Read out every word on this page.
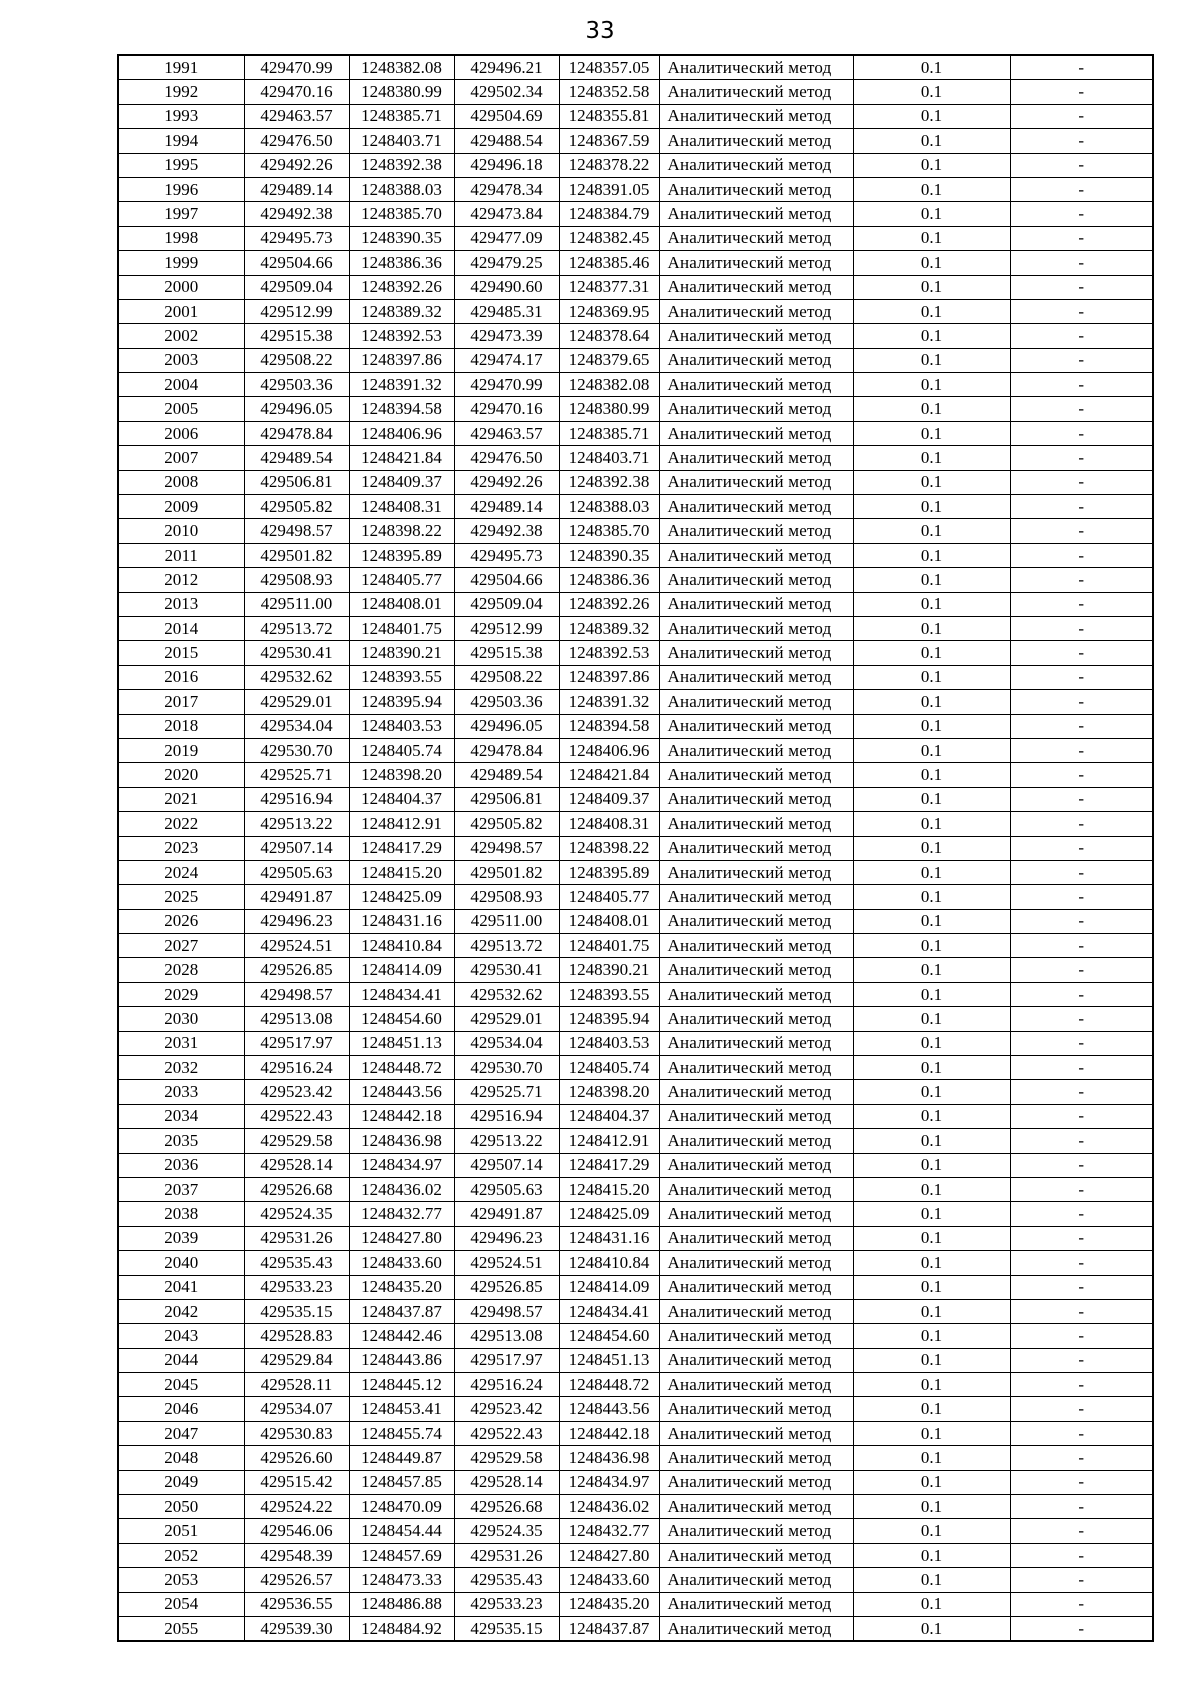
33
1991	429470.99	1248382.08	429496.21	1248357.05	Аналитический метод	0.1	-
1992	429470.16	1248380.99	429502.34	1248352.58	Аналитический метод	0.1	-
1993	429463.57	1248385.71	429504.69	1248355.81	Аналитический метод	0.1	-
1994	429476.50	1248403.71	429488.54	1248367.59	Аналитический метод	0.1	-
1995	429492.26	1248392.38	429496.18	1248378.22	Аналитический метод	0.1	-
1996	429489.14	1248388.03	429478.34	1248391.05	Аналитический метод	0.1	-
1997	429492.38	1248385.70	429473.84	1248384.79	Аналитический метод	0.1	-
1998	429495.73	1248390.35	429477.09	1248382.45	Аналитический метод	0.1	-
1999	429504.66	1248386.36	429479.25	1248385.46	Аналитический метод	0.1	-
2000	429509.04	1248392.26	429490.60	1248377.31	Аналитический метод	0.1	-
2001	429512.99	1248389.32	429485.31	1248369.95	Аналитический метод	0.1	-
2002	429515.38	1248392.53	429473.39	1248378.64	Аналитический метод	0.1	-
2003	429508.22	1248397.86	429474.17	1248379.65	Аналитический метод	0.1	-
2004	429503.36	1248391.32	429470.99	1248382.08	Аналитический метод	0.1	-
2005	429496.05	1248394.58	429470.16	1248380.99	Аналитический метод	0.1	-
2006	429478.84	1248406.96	429463.57	1248385.71	Аналитический метод	0.1	-
2007	429489.54	1248421.84	429476.50	1248403.71	Аналитический метод	0.1	-
2008	429506.81	1248409.37	429492.26	1248392.38	Аналитический метод	0.1	-
2009	429505.82	1248408.31	429489.14	1248388.03	Аналитический метод	0.1	-
2010	429498.57	1248398.22	429492.38	1248385.70	Аналитический метод	0.1	-
2011	429501.82	1248395.89	429495.73	1248390.35	Аналитический метод	0.1	-
2012	429508.93	1248405.77	429504.66	1248386.36	Аналитический метод	0.1	-
2013	429511.00	1248408.01	429509.04	1248392.26	Аналитический метод	0.1	-
2014	429513.72	1248401.75	429512.99	1248389.32	Аналитический метод	0.1	-
2015	429530.41	1248390.21	429515.38	1248392.53	Аналитический метод	0.1	-
2016	429532.62	1248393.55	429508.22	1248397.86	Аналитический метод	0.1	-
2017	429529.01	1248395.94	429503.36	1248391.32	Аналитический метод	0.1	-
2018	429534.04	1248403.53	429496.05	1248394.58	Аналитический метод	0.1	-
2019	429530.70	1248405.74	429478.84	1248406.96	Аналитический метод	0.1	-
2020	429525.71	1248398.20	429489.54	1248421.84	Аналитический метод	0.1	-
2021	429516.94	1248404.37	429506.81	1248409.37	Аналитический метод	0.1	-
2022	429513.22	1248412.91	429505.82	1248408.31	Аналитический метод	0.1	-
2023	429507.14	1248417.29	429498.57	1248398.22	Аналитический метод	0.1	-
2024	429505.63	1248415.20	429501.82	1248395.89	Аналитический метод	0.1	-
2025	429491.87	1248425.09	429508.93	1248405.77	Аналитический метод	0.1	-
2026	429496.23	1248431.16	429511.00	1248408.01	Аналитический метод	0.1	-
2027	429524.51	1248410.84	429513.72	1248401.75	Аналитический метод	0.1	-
2028	429526.85	1248414.09	429530.41	1248390.21	Аналитический метод	0.1	-
2029	429498.57	1248434.41	429532.62	1248393.55	Аналитический метод	0.1	-
2030	429513.08	1248454.60	429529.01	1248395.94	Аналитический метод	0.1	-
2031	429517.97	1248451.13	429534.04	1248403.53	Аналитический метод	0.1	-
2032	429516.24	1248448.72	429530.70	1248405.74	Аналитический метод	0.1	-
2033	429523.42	1248443.56	429525.71	1248398.20	Аналитический метод	0.1	-
2034	429522.43	1248442.18	429516.94	1248404.37	Аналитический метод	0.1	-
2035	429529.58	1248436.98	429513.22	1248412.91	Аналитический метод	0.1	-
2036	429528.14	1248434.97	429507.14	1248417.29	Аналитический метод	0.1	-
2037	429526.68	1248436.02	429505.63	1248415.20	Аналитический метод	0.1	-
2038	429524.35	1248432.77	429491.87	1248425.09	Аналитический метод	0.1	-
2039	429531.26	1248427.80	429496.23	1248431.16	Аналитический метод	0.1	-
2040	429535.43	1248433.60	429524.51	1248410.84	Аналитический метод	0.1	-
2041	429533.23	1248435.20	429526.85	1248414.09	Аналитический метод	0.1	-
2042	429535.15	1248437.87	429498.57	1248434.41	Аналитический метод	0.1	-
2043	429528.83	1248442.46	429513.08	1248454.60	Аналитический метод	0.1	-
2044	429529.84	1248443.86	429517.97	1248451.13	Аналитический метод	0.1	-
2045	429528.11	1248445.12	429516.24	1248448.72	Аналитический метод	0.1	-
2046	429534.07	1248453.41	429523.42	1248443.56	Аналитический метод	0.1	-
2047	429530.83	1248455.74	429522.43	1248442.18	Аналитический метод	0.1	-
2048	429526.60	1248449.87	429529.58	1248436.98	Аналитический метод	0.1	-
2049	429515.42	1248457.85	429528.14	1248434.97	Аналитический метод	0.1	-
2050	429524.22	1248470.09	429526.68	1248436.02	Аналитический метод	0.1	-
2051	429546.06	1248454.44	429524.35	1248432.77	Аналитический метод	0.1	-
2052	429548.39	1248457.69	429531.26	1248427.80	Аналитический метод	0.1	-
2053	429526.57	1248473.33	429535.43	1248433.60	Аналитический метод	0.1	-
2054	429536.55	1248486.88	429533.23	1248435.20	Аналитический метод	0.1	-
2055	429539.30	1248484.92	429535.15	1248437.87	Аналитический метод	0.1	-
